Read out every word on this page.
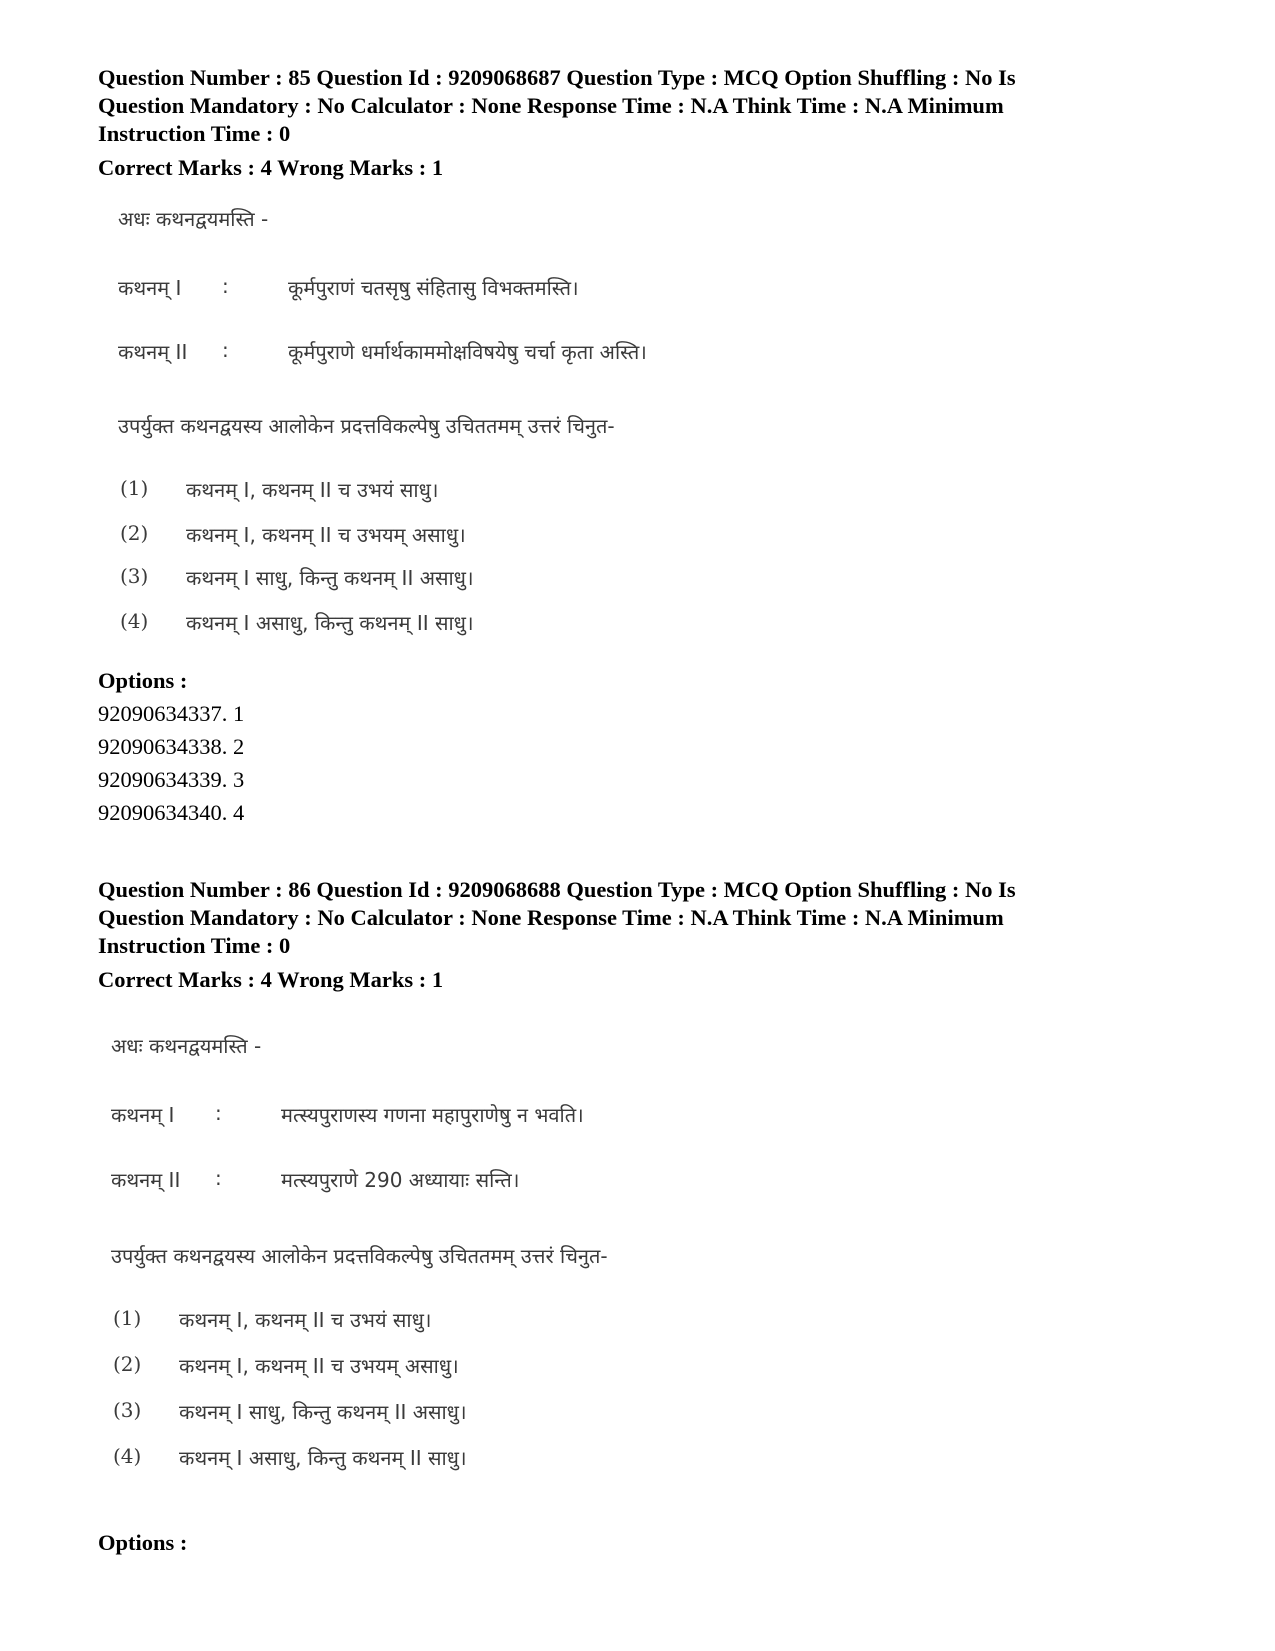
Question Number : 85 Question Id : 9209068687 Question Type : MCQ Option Shuffling : No Is
Question Mandatory : No Calculator : None Response Time : N.A Think Time : N.A Minimum
Instruction Time : 0
Correct Marks : 4 Wrong Marks : 1
अधः कथनद्वयमस्ति -
कथनम् I :	कूर्मपुराणं चतसृषु संहितासु विभक्तमस्ति।
कथनम् II :	कूर्मपुराणे धर्मार्थकाममोक्षविषयेषु चर्चा कृता अस्ति।
उपर्युक्त कथनद्वयस्य आलोकेन प्रदत्तविकल्पेषु उचिततमम् उत्तरं चिनुत-
(1) कथनम् I, कथनम् II च उभयं साधु।
(2) कथनम् I, कथनम् II च उभयम् असाधु।
(3) कथनम् I साधु, किन्तु कथनम् II असाधु।
(4) कथनम् I असाधु, किन्तु कथनम् II साधु।
Options :
92090634337. 1
92090634338. 2
92090634339. 3
92090634340. 4
Question Number : 86 Question Id : 9209068688 Question Type : MCQ Option Shuffling : No Is
Question Mandatory : No Calculator : None Response Time : N.A Think Time : N.A Minimum
Instruction Time : 0
Correct Marks : 4 Wrong Marks : 1
अधः कथनद्वयमस्ति -
कथनम् I :	मत्स्यपुराणस्य गणना महापुराणेषु न भवति।
कथनम् II :	मत्स्यपुराणे 290 अध्यायाः सन्ति।
उपर्युक्त कथनद्वयस्य आलोकेन प्रदत्तविकल्पेषु उचिततमम् उत्तरं चिनुत-
(1) कथनम् I, कथनम् II च उभयं साधु।
(2) कथनम् I, कथनम् II च उभयम् असाधु।
(3) कथनम् I साधु, किन्तु कथनम् II असाधु।
(4) कथनम् I असाधु, किन्तु कथनम् II साधु।
Options :
